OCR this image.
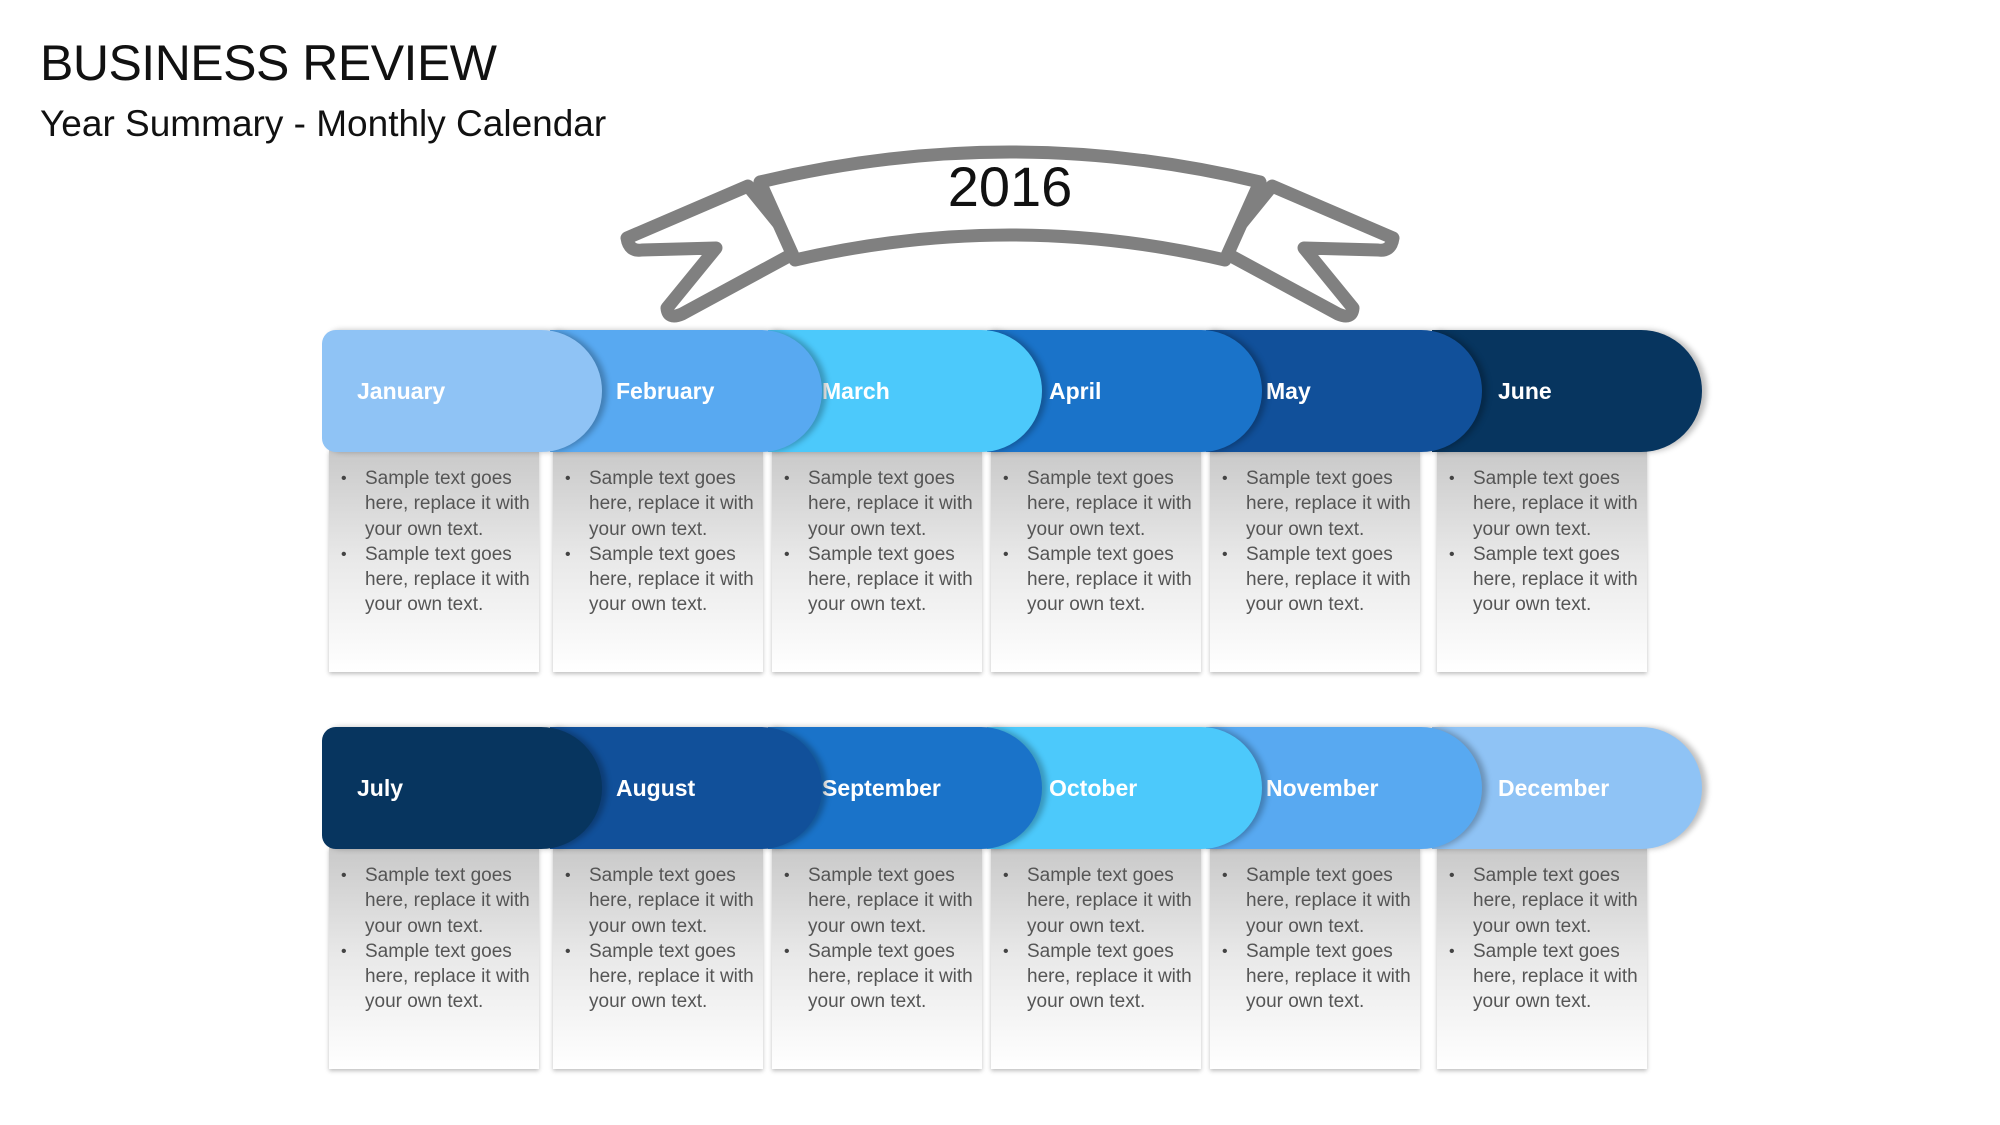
BUSINESS REVIEW
Year Summary - Monthly Calendar
2016
January
• Sample text goes here, replace it with your own text.
• Sample text goes here, replace it with your own text.
February
• Sample text goes here, replace it with your own text.
• Sample text goes here, replace it with your own text.
March
• Sample text goes here, replace it with your own text.
• Sample text goes here, replace it with your own text.
April
• Sample text goes here, replace it with your own text.
• Sample text goes here, replace it with your own text.
May
• Sample text goes here, replace it with your own text.
• Sample text goes here, replace it with your own text.
June
• Sample text goes here, replace it with your own text.
• Sample text goes here, replace it with your own text.
July
• Sample text goes here, replace it with your own text.
• Sample text goes here, replace it with your own text.
August
• Sample text goes here, replace it with your own text.
• Sample text goes here, replace it with your own text.
September
• Sample text goes here, replace it with your own text.
• Sample text goes here, replace it with your own text.
October
• Sample text goes here, replace it with your own text.
• Sample text goes here, replace it with your own text.
November
• Sample text goes here, replace it with your own text.
• Sample text goes here, replace it with your own text.
December
• Sample text goes here, replace it with your own text.
• Sample text goes here, replace it with your own text.
